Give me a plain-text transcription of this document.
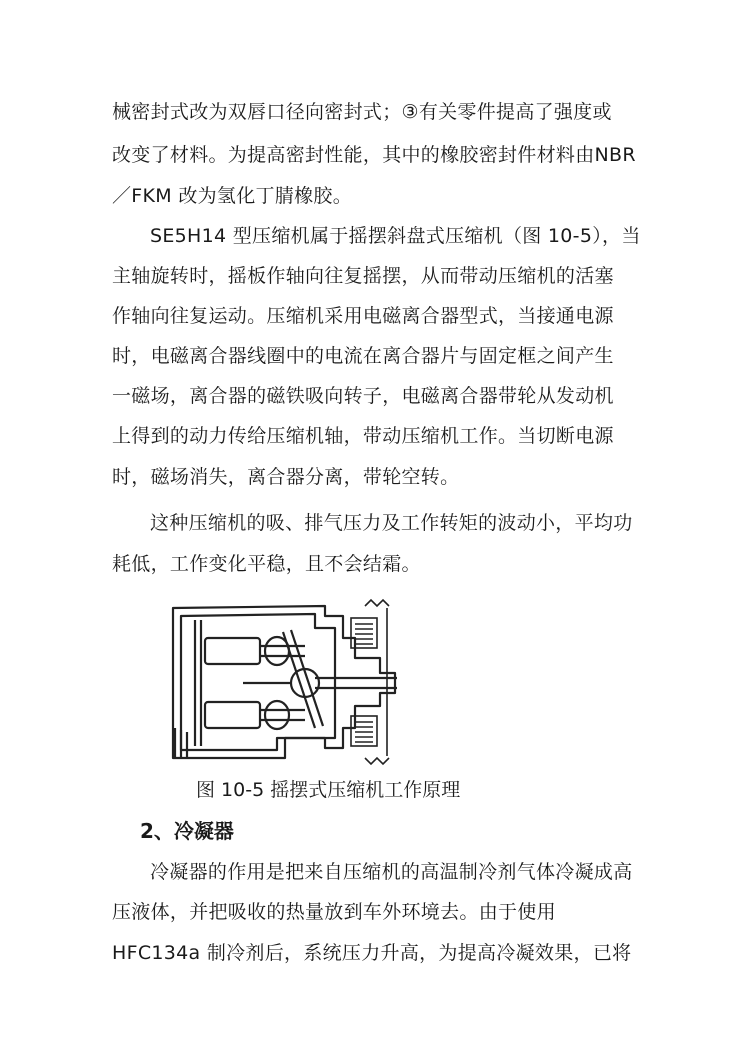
械密封式改为双唇口径向密封式；③有关零件提高了强度或
改变了材料。为提高密封性能，其中的橡胶密封件材料由NBR
／FKM 改为氢化丁腈橡胶。
SE5H14 型压缩机属于摇摆斜盘式压缩机（图 10-5），当
主轴旋转时，摇板作轴向往复摇摆，从而带动压缩机的活塞
作轴向往复运动。压缩机采用电磁离合器型式，当接通电源
时，电磁离合器线圈中的电流在离合器片与固定框之间产生
一磁场，离合器的磁铁吸向转子，电磁离合器带轮从发动机
上得到的动力传给压缩机轴，带动压缩机工作。当切断电源
时，磁场消失，离合器分离，带轮空转。
这种压缩机的吸、排气压力及工作转矩的波动小，平均功
耗低，工作变化平稳，且不会结霜。
图 10-5 摇摆式压缩机工作原理
2、冷凝器
冷凝器的作用是把来自压缩机的高温制冷剂气体冷凝成高
压液体，并把吸收的热量放到车外环境去。由于使用
HFC134a 制冷剂后，系统压力升高，为提高冷凝效果，已将
